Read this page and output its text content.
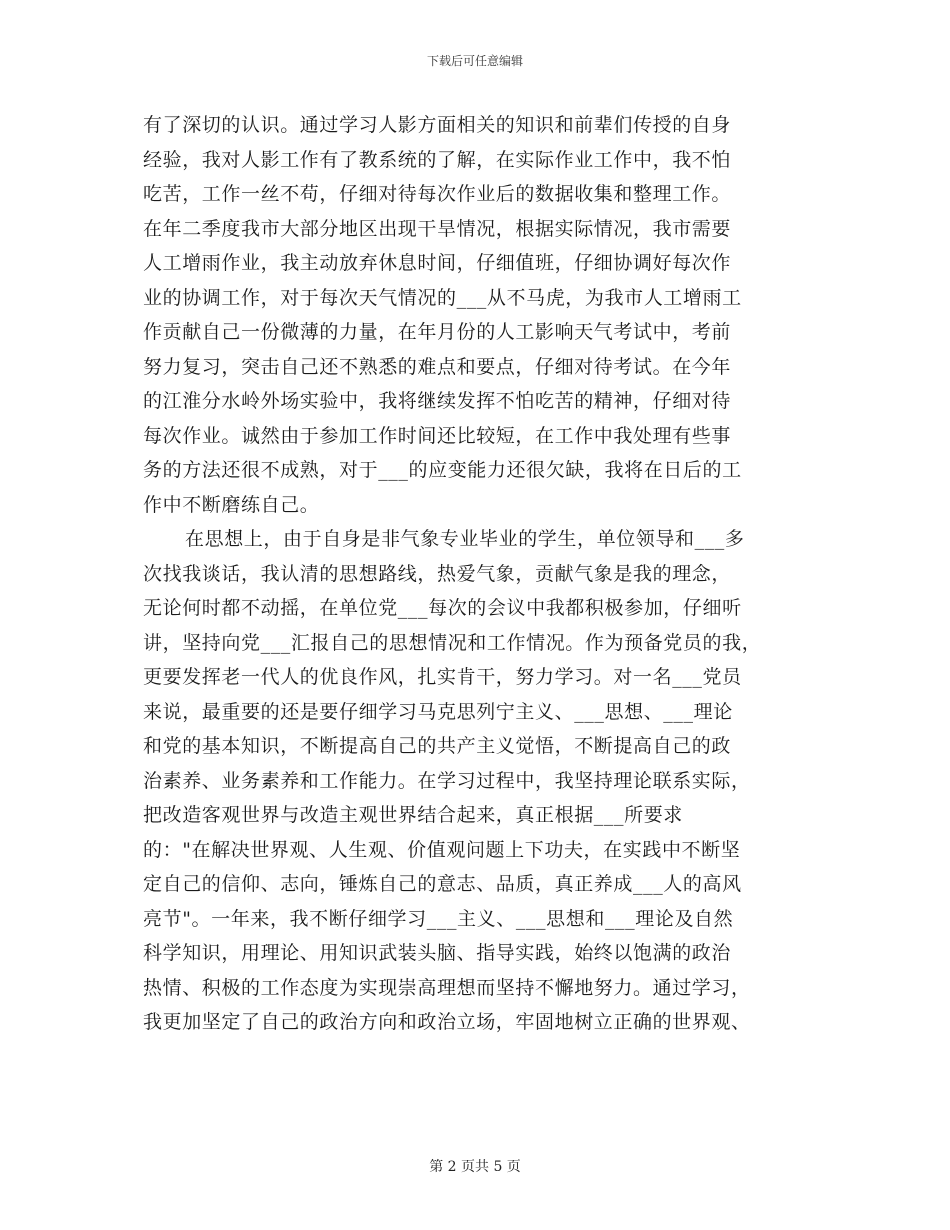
下载后可任意编辑
有了深切的认识。通过学习人影方面相关的知识和前辈们传授的自身
经验，我对人影工作有了教系统的了解，在实际作业工作中，我不怕
吃苦，工作一丝不苟，仔细对待每次作业后的数据收集和整理工作。
在年二季度我市大部分地区出现干旱情况，根据实际情况，我市需要
人工增雨作业，我主动放弃休息时间，仔细值班，仔细协调好每次作
业的协调工作，对于每次天气情况的___从不马虎，为我市人工增雨工
作贡献自己一份微薄的力量，在年月份的人工影响天气考试中，考前
努力复习，突击自己还不熟悉的难点和要点，仔细对待考试。在今年
的江淮分水岭外场实验中，我将继续发挥不怕吃苦的精神，仔细对待
每次作业。诚然由于参加工作时间还比较短，在工作中我处理有些事
务的方法还很不成熟，对于___的应变能力还很欠缺，我将在日后的工
作中不断磨练自己。
在思想上，由于自身是非气象专业毕业的学生，单位领导和___多
次找我谈话，我认清的思想路线，热爱气象，贡献气象是我的理念，
无论何时都不动摇，在单位党___每次的会议中我都积极参加，仔细听
讲，坚持向党___汇报自己的思想情况和工作情况。作为预备党员的我，
更要发挥老一代人的优良作风，扎实肯干，努力学习。对一名___党员
来说，最重要的还是要仔细学习马克思列宁主义、___思想、___理论
和党的基本知识，不断提高自己的共产主义觉悟，不断提高自己的政
治素养、业务素养和工作能力。在学习过程中，我坚持理论联系实际，
把改造客观世界与改造主观世界结合起来，真正根据___所要求
的："在解决世界观、人生观、价值观问题上下功夫，在实践中不断坚
定自己的信仰、志向，锤炼自己的意志、品质，真正养成___人的高风
亮节"。一年来，我不断仔细学习___主义、___思想和___理论及自然
科学知识，用理论、用知识武装头脑、指导实践，始终以饱满的政治
热情、积极的工作态度为实现崇高理想而坚持不懈地努力。通过学习，
我更加坚定了自己的政治方向和政治立场，牢固地树立正确的世界观、
第 2 页共 5 页
